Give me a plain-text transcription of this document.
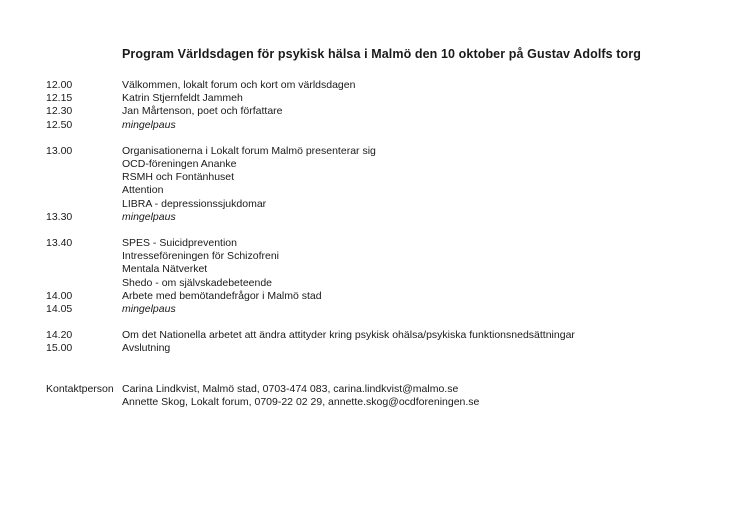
Program Världsdagen för psykisk hälsa i Malmö den 10 oktober på Gustav Adolfs torg
12.00	Välkommen, lokalt forum och kort om världsdagen
12.15	Katrin Stjernfeldt Jammeh
12.30	Jan Mårtenson, poet och författare
12.50	mingelpaus
13.00	Organisationerna i Lokalt forum Malmö presenterar sig
OCD-föreningen Ananke
RSMH och Fontänhuset
Attention
LIBRA - depressionssjukdomar
13.30	mingelpaus
13.40	SPES - Suicidprevention
Intresseföreningen för Schizofreni
Mentala Nätverket
Shedo - om självskadebeteende
14.00	Arbete med bemötandefrågor i Malmö stad
14.05	mingelpaus
14.20	Om det Nationella arbetet att ändra attityder kring psykisk ohälsa/psykiska funktionsnedsättningar
15.00	Avslutning
Kontaktperson Carina Lindkvist, Malmö stad, 0703-474 083, carina.lindkvist@malmo.se
Annette Skog, Lokalt forum, 0709-22 02 29, annette.skog@ocdforeningen.se
